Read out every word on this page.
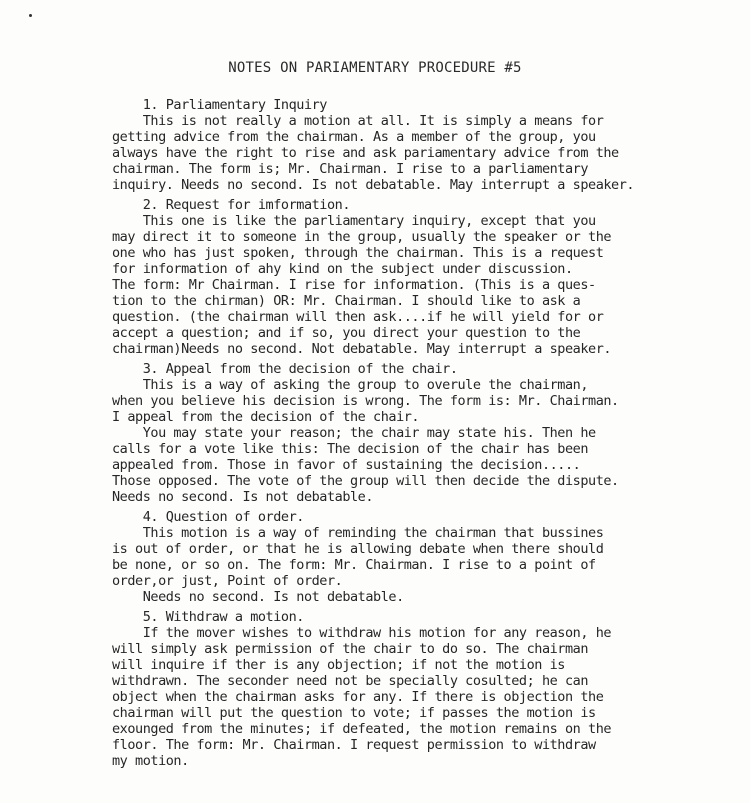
NOTES ON PARIAMENTARY PROCEDURE #5
1. Parliamentary Inquiry
This is not really a motion at all. It is simply a means for
getting advice from the chairman. As a member of the group, you
always have the right to rise and ask pariamentary advice from the
chairman. The form is; Mr. Chairman. I rise to a parliamentary
inquiry. Needs no second. Is not debatable. May interrupt a speaker.
2. Request for imformation.
This one is like the parliamentary inquiry, except that you
may direct it to someone in the group, usually the speaker or the
one who has just spoken, through the chairman. This is a request
for information of ahy kind on the subject under discussion.
The form: Mr Chairman. I rise for information. (This is a ques-
tion to the chirman) OR: Mr. Chairman. I should like to ask a
question. (the chairman will then ask....if he will yield for or
accept a question; and if so, you direct your question to the
chairman)Needs no second. Not debatable. May interrupt a speaker.
3. Appeal from the decision of the chair.
This is a way of asking the group to overule the chairman,
when you believe his decision is wrong. The form is: Mr. Chairman.
I appeal from the decision of the chair.
You may state your reason; the chair may state his. Then he
calls for a vote like this: The decision of the chair has been
appealed from. Those in favor of sustaining the decision.....
Those opposed. The vote of the group will then decide the dispute.
Needs no second. Is not debatable.
4. Question of order.
This motion is a way of reminding the chairman that bussines
is out of order, or that he is allowing debate when there should
be none, or so on. The form: Mr. Chairman. I rise to a point of
order,or just, Point of order.
Needs no second. Is not debatable.
5. Withdraw a motion.
If the mover wishes to withdraw his motion for any reason, he
will simply ask permission of the chair to do so. The chairman
will inquire if ther is any objection; if not the motion is
withdrawn. The seconder need not be specially cosulted; he can
object when the chairman asks for any. If there is objection the
chairman will put the question to vote; if passes the motion is
exounged from the minutes; if defeated, the motion remains on the
floor. The form: Mr. Chairman. I request permission to withdraw
my motion.
